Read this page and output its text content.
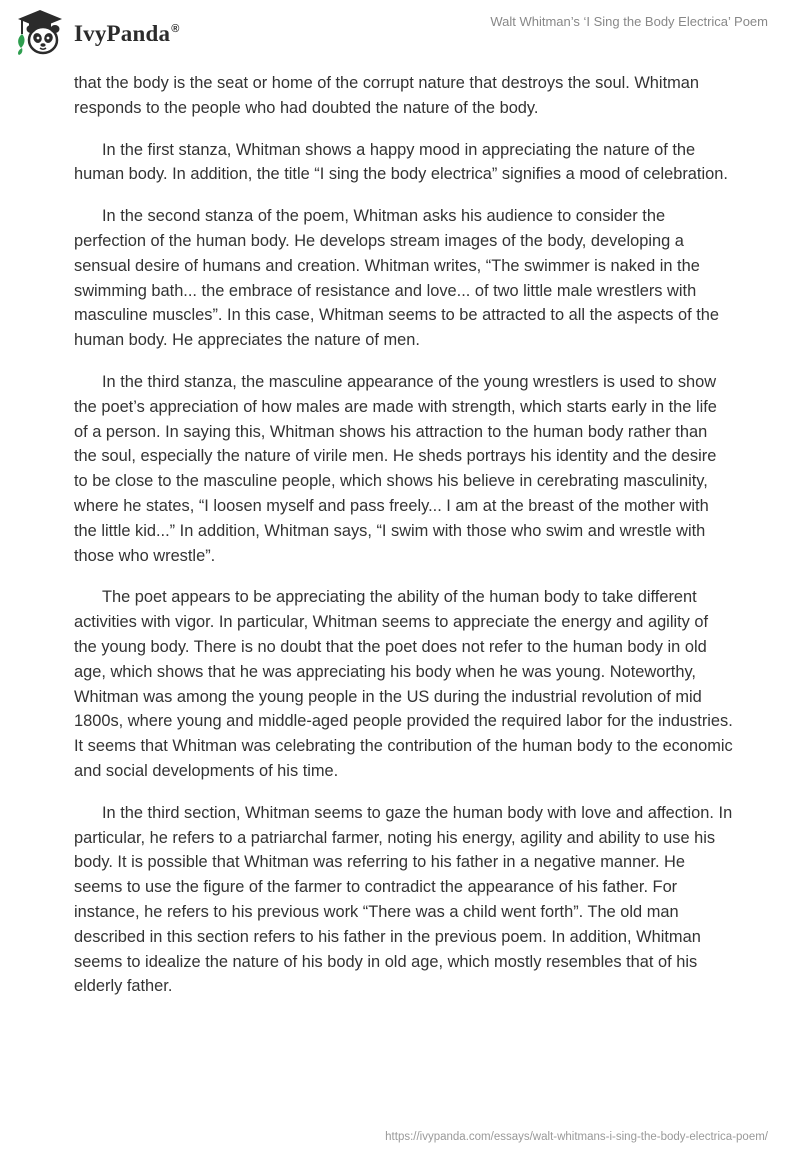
IvyPanda®
Walt Whitman’s ‘I Sing the Body Electrica’ Poem

that the body is the seat or home of the corrupt nature that destroys the soul. Whitman responds to the people who had doubted the nature of the body.

In the first stanza, Whitman shows a happy mood in appreciating the nature of the human body. In addition, the title “I sing the body electrica” signifies a mood of celebration.

In the second stanza of the poem, Whitman asks his audience to consider the perfection of the human body. He develops stream images of the body, developing a sensual desire of humans and creation. Whitman writes, “The swimmer is naked in the swimming bath... the embrace of resistance and love... of two little male wrestlers with masculine muscles”. In this case, Whitman seems to be attracted to all the aspects of the human body. He appreciates the nature of men.

In the third stanza, the masculine appearance of the young wrestlers is used to show the poet’s appreciation of how males are made with strength, which starts early in the life of a person. In saying this, Whitman shows his attraction to the human body rather than the soul, especially the nature of virile men. He sheds portrays his identity and the desire to be close to the masculine people, which shows his believe in cerebrating masculinity, where he states, “I loosen myself and pass freely... I am at the breast of the mother with the little kid...” In addition, Whitman says, “I swim with those who swim and wrestle with those who wrestle”.

The poet appears to be appreciating the ability of the human body to take different activities with vigor. In particular, Whitman seems to appreciate the energy and agility of the young body. There is no doubt that the poet does not refer to the human body in old age, which shows that he was appreciating his body when he was young. Noteworthy, Whitman was among the young people in the US during the industrial revolution of mid 1800s, where young and middle-aged people provided the required labor for the industries. It seems that Whitman was celebrating the contribution of the human body to the economic and social developments of his time.

In the third section, Whitman seems to gaze the human body with love and affection. In particular, he refers to a patriarchal farmer, noting his energy, agility and ability to use his body. It is possible that Whitman was referring to his father in a negative manner. He seems to use the figure of the farmer to contradict the appearance of his father. For instance, he refers to his previous work “There was a child went forth”. The old man described in this section refers to his father in the previous poem. In addition, Whitman seems to idealize the nature of his body in old age, which mostly resembles that of his elderly father.

https://ivypanda.com/essays/walt-whitmans-i-sing-the-body-electrica-poem/
